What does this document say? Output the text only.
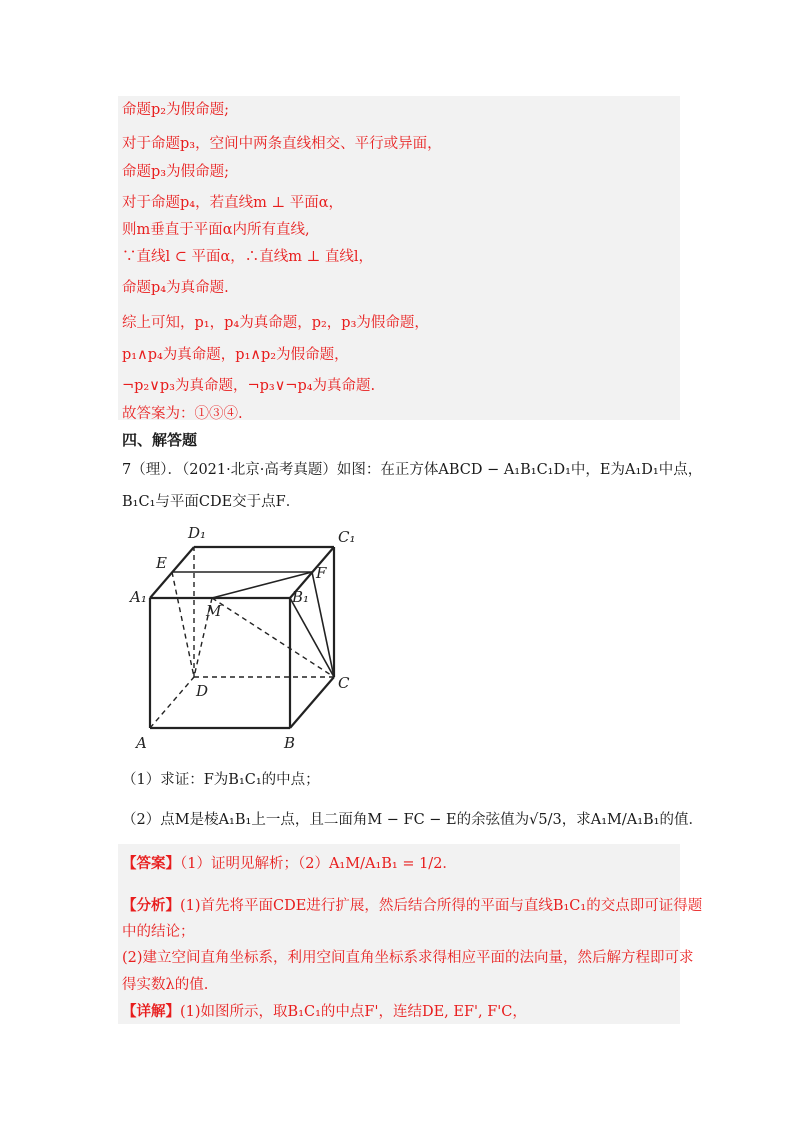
命题p₂为假命题;
对于命题p₃，空间中两条直线相交、平行或异面，
命题p₃为假命题;
对于命题p₄，若直线m ⊥ 平面α，
则m垂直于平面α内所有直线,
∵直线l ⊂ 平面α，∴直线m ⊥ 直线l，
命题p₄为真命题.
综上可知，p₁，p₄为真命题，p₂，p₃为假命题，
p₁∧p₄为真命题，p₁∧p₂为假命题，
¬p₂∨p₃为真命题，¬p₃∨¬p₄为真命题.
故答案为：①③④.
四、解答题
7（理）．（2021·北京·高考真题）如图：在正方体ABCD − A₁B₁C₁D₁中，E为A₁D₁中点，
B₁C₁与平面CDE交于点F．
A	B
C
D
A₁	B₁
C₁
D₁
E
F
M
（1）求证：F为B₁C₁的中点；
（2）点M是棱A₁B₁上一点，且二面角M − FC − E的余弦值为√5/3，求A₁M/A₁B₁的值．
【答案】（1）证明见解析；（2）A₁M/A₁B₁ = 1/2．
【分析】(1)首先将平面CDE进行扩展，然后结合所得的平面与直线B₁C₁的交点即可证得题
中的结论；
(2)建立空间直角坐标系，利用空间直角坐标系求得相应平面的法向量，然后解方程即可求
得实数λ的值.
【详解】(1)如图所示，取B₁C₁的中点F'，连结DE, EF', F'C，
